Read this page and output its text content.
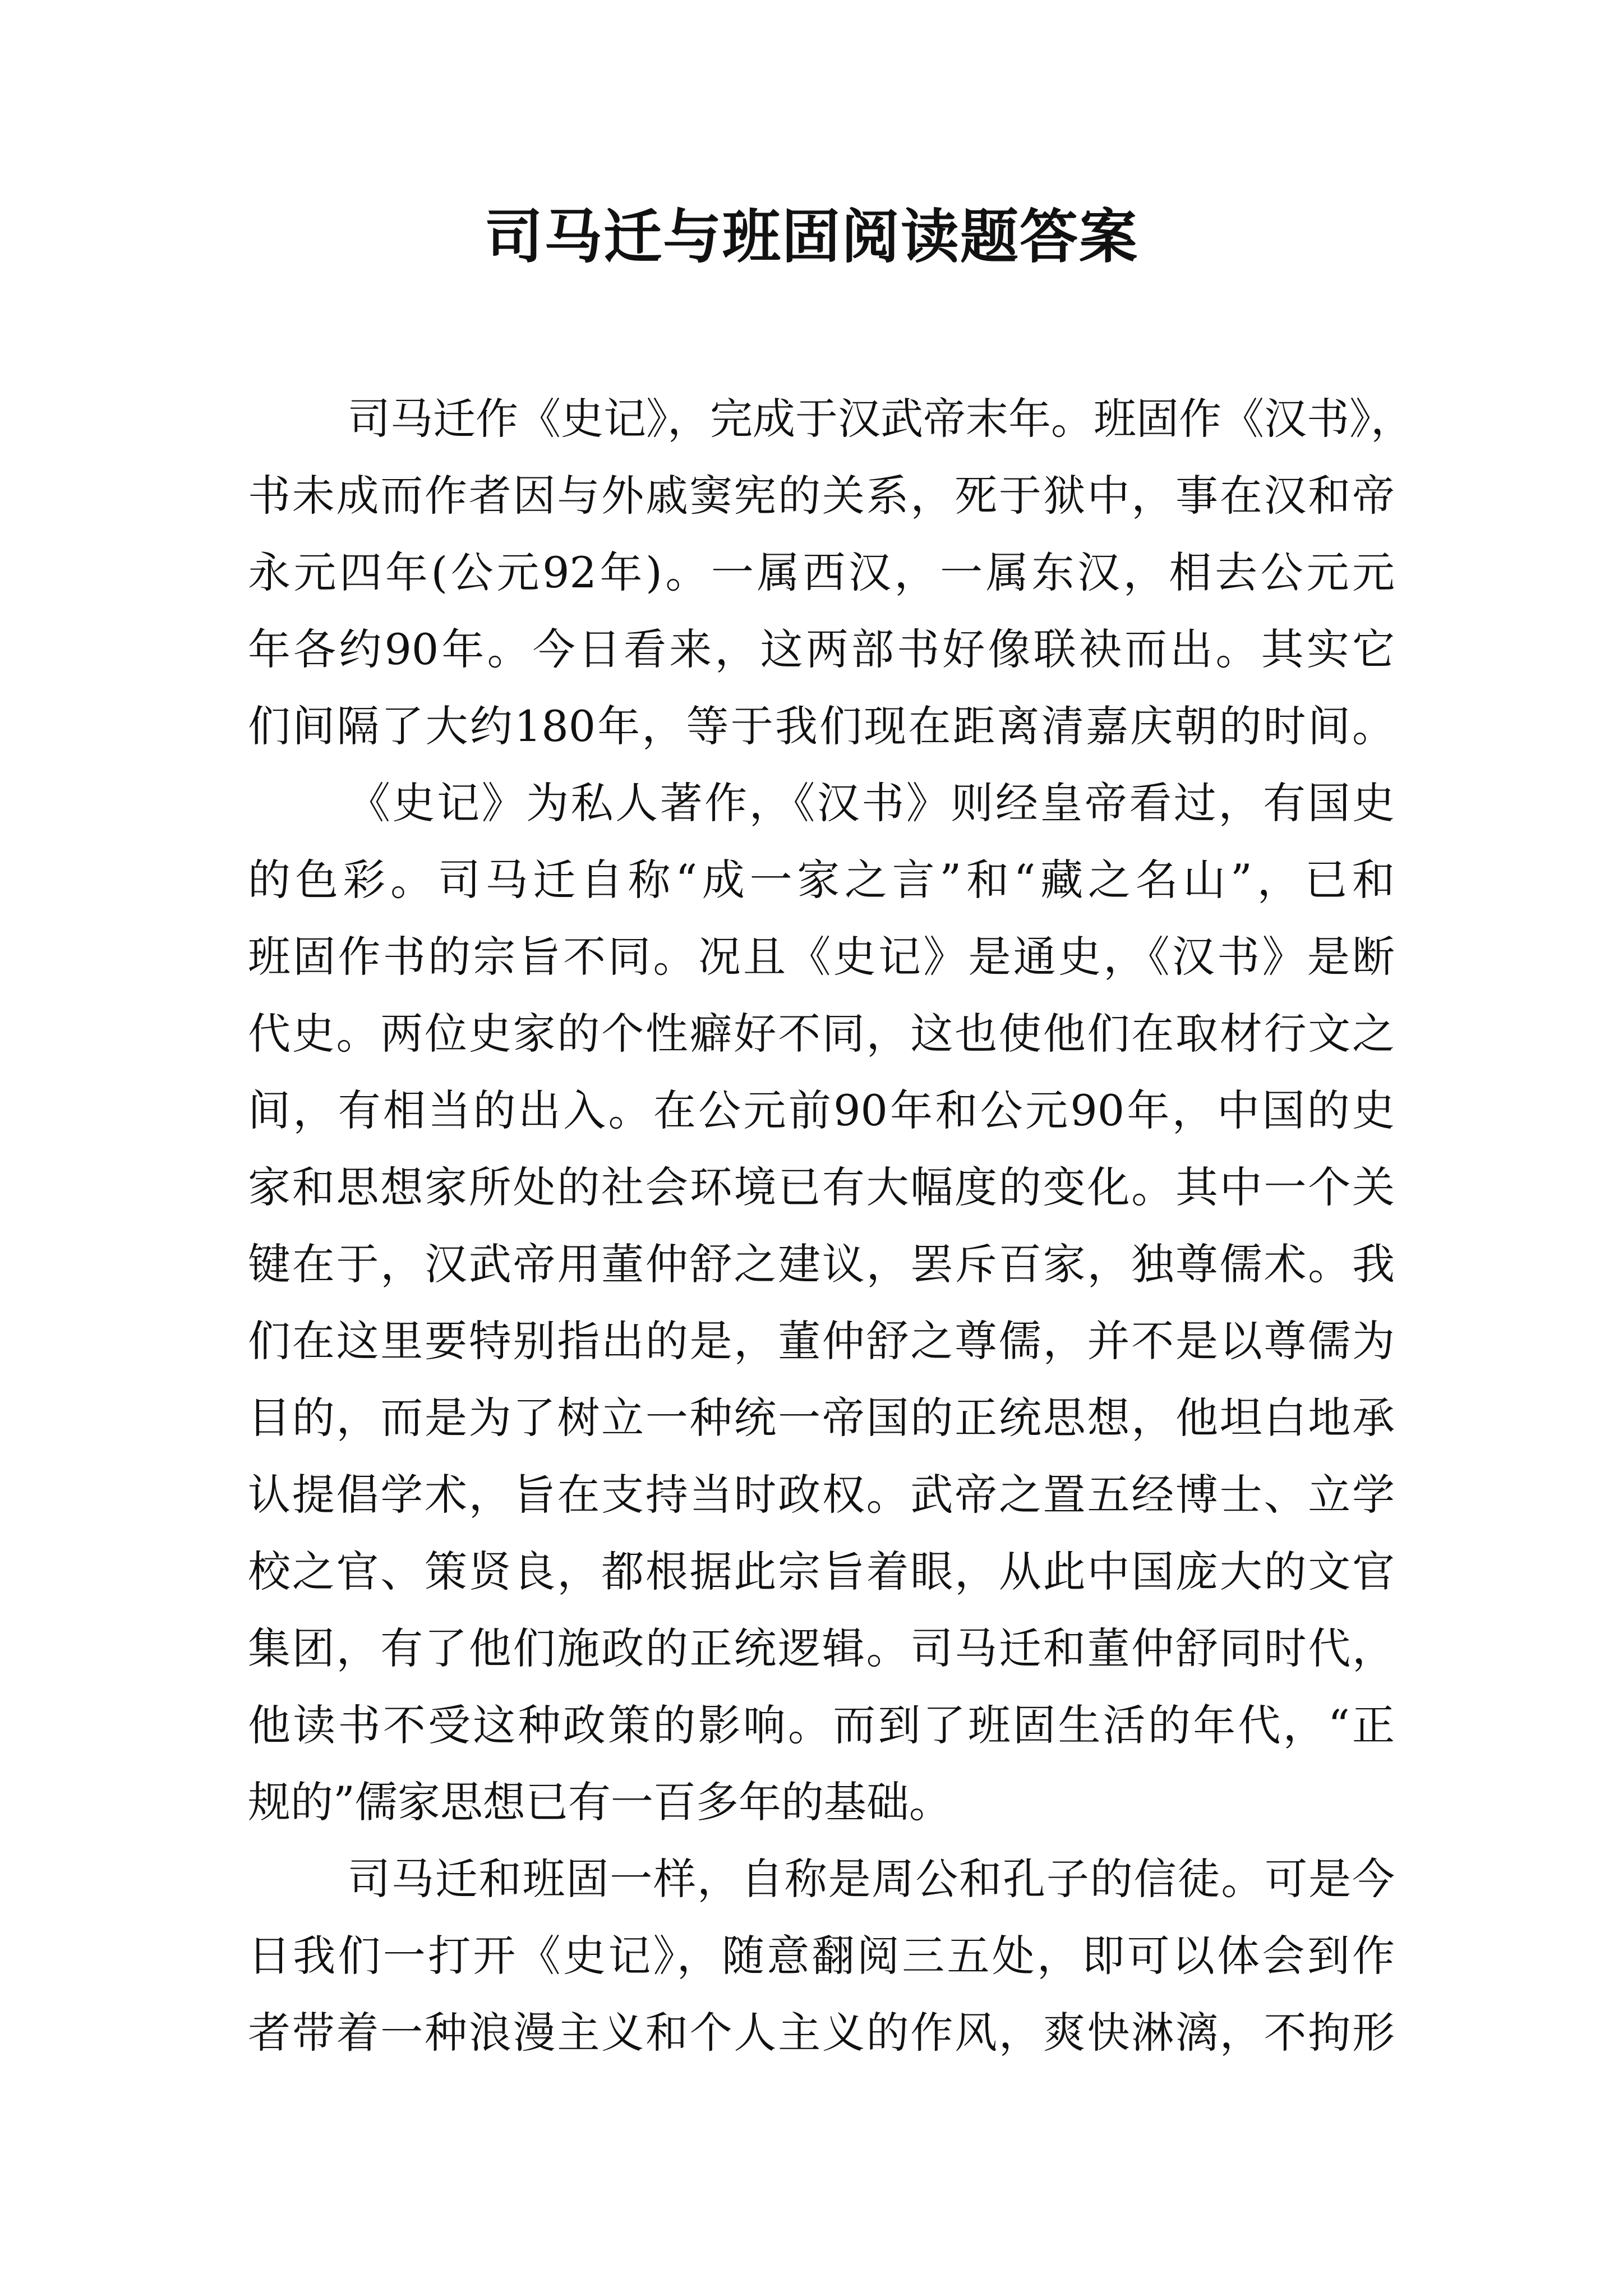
司马迁与班固阅读题答案
司马迁作《史记》，完成于汉武帝末年。班固作《汉书》，
书未成而作者因与外戚窦宪的关系，死于狱中，事在汉和帝
永元四年(公元92年)。一属西汉，一属东汉，相去公元元
年各约90年。今日看来，这两部书好像联袂而出。其实它
们间隔了大约180年，等于我们现在距离清嘉庆朝的时间。
《史记》为私人著作，《汉书》则经皇帝看过，有国史
的色彩。司马迁自称“成一家之言”和“藏之名山”，已和
班固作书的宗旨不同。况且《史记》是通史，《汉书》是断
代史。两位史家的个性癖好不同，这也使他们在取材行文之
间，有相当的出入。在公元前90年和公元90年，中国的史
家和思想家所处的社会环境已有大幅度的变化。其中一个关
键在于，汉武帝用董仲舒之建议，罢斥百家，独尊儒术。我
们在这里要特别指出的是，董仲舒之尊儒，并不是以尊儒为
目的，而是为了树立一种统一帝国的正统思想，他坦白地承
认提倡学术，旨在支持当时政权。武帝之置五经博士、立学
校之官、策贤良，都根据此宗旨着眼，从此中国庞大的文官
集团，有了他们施政的正统逻辑。司马迁和董仲舒同时代，
他读书不受这种政策的影响。而到了班固生活的年代，“正
规的”儒家思想已有一百多年的基础。
司马迁和班固一样，自称是周公和孔子的信徒。可是今
日我们一打开《史记》，随意翻阅三五处，即可以体会到作
者带着一种浪漫主义和个人主义的作风，爽快淋漓，不拘形
